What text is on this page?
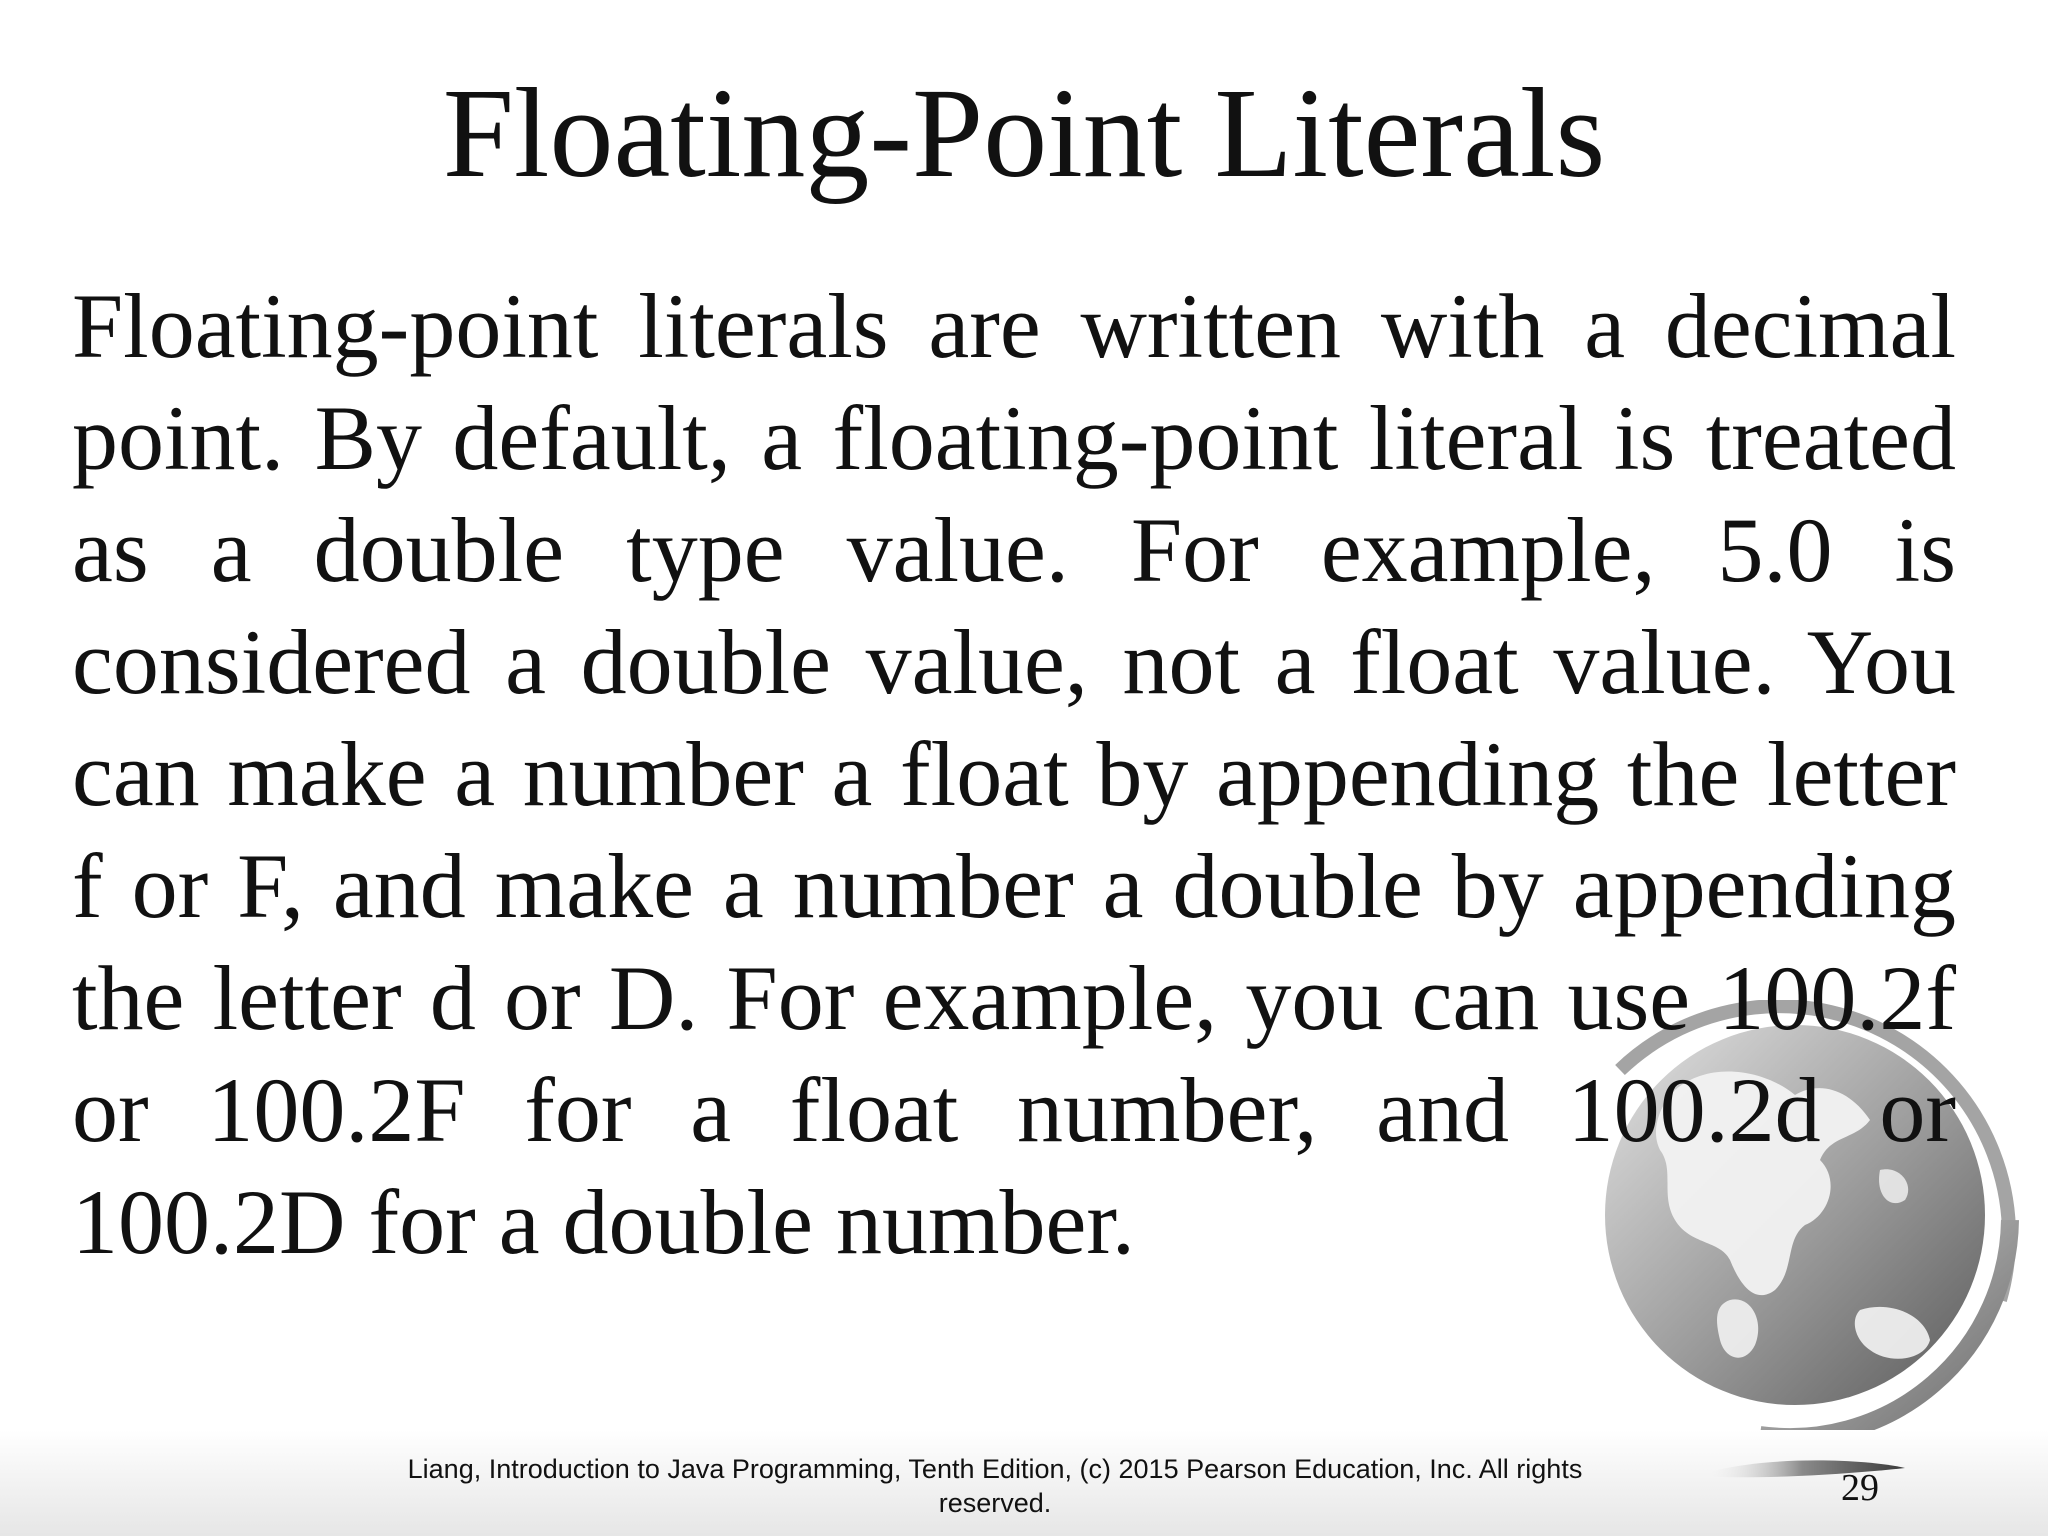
Floating-Point Literals

Floating-point literals are written with a decimal point. By default, a floating-point literal is treated as a double type value. For example, 5.0 is considered a double value, not a float value. You can make a number a float by appending the letter f or F, and make a number a double by appending the letter d or D. For example, you can use 100.2f or 100.2F for a float number, and 100.2d or 100.2D for a double number.

Liang, Introduction to Java Programming, Tenth Edition, (c) 2015 Pearson Education, Inc. All rights reserved.	29
